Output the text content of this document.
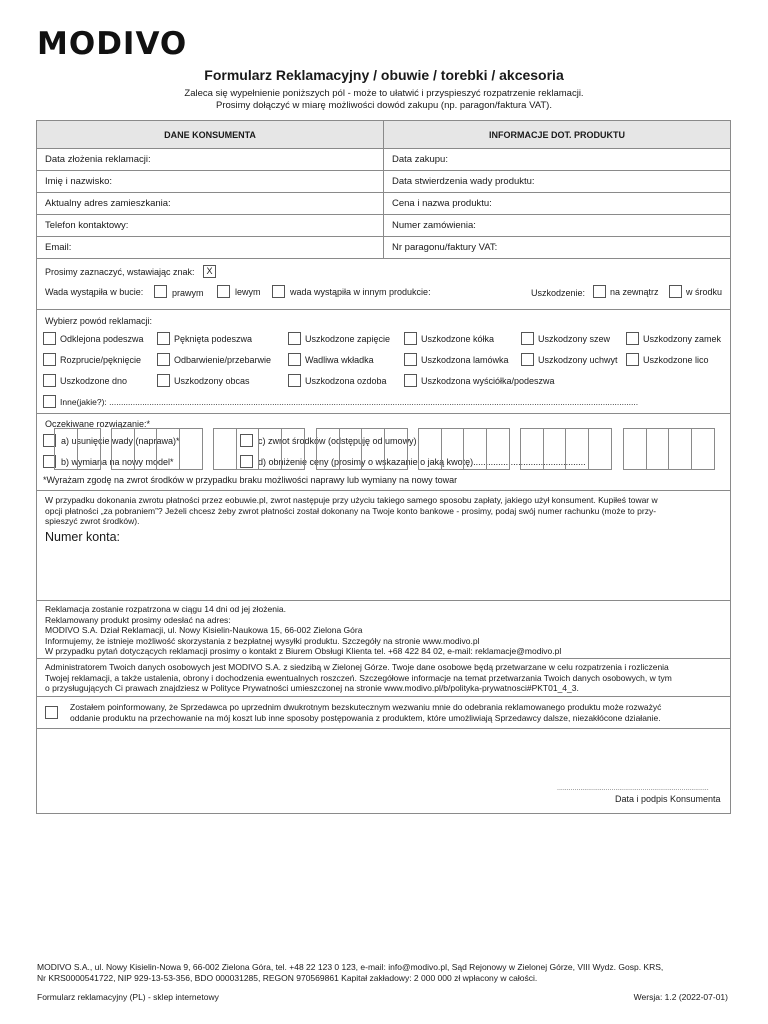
MODIVO
Formularz Reklamacyjny / obuwie / torebki / akcesoria
Zaleca się wypełnienie poniższych pól - może to ułatwić i przyspieszyć rozpatrzenie reklamacji.
Prosimy dołączyć w miarę możliwości dowód zakupu (np. paragon/faktura VAT).
DANE KONSUMENTA	INFORMACJE DOT. PRODUKTU
Data złożenia reklamacji:	Data zakupu:
Imię i nazwisko:	Data stwierdzenia wady produktu:
Aktualny adres zamieszkania:	Cena i nazwa produktu:
Telefon kontaktowy:	Numer zamówienia:
Email:	Nr paragonu/faktury VAT:
Prosimy zaznaczyć, wstawiając znak:	X
Wada wystąpiła w bucie:	prawym	lewym	wada wystąpiła w innym produkcie:	Uszkodzenie:	na zewnątrz	w środku
Wybierz powód reklamacji:
Odklejona podeszwa	Pęknięta podeszwa	Uszkodzone zapięcie	Uszkodzone kółka	Uszkodzony szew	Uszkodzony zamek
Rozprucie/pęknięcie	Odbarwienie/przebarwie	Wadliwa wkładka	Uszkodzona lamówka	Uszkodzony uchwyt	Uszkodzone lico
Uszkodzone dno	Uszkodzony obcas	Uszkodzona ozdoba	Uszkodzona wyściółka/podeszwa
Inne(jakie?): ................................................................................................................................................................................................................................
Oczekiwane rozwiązanie:*
a) usunięcie wady (naprawa)*	c) zwrot środków (odstępuję od umowy)
b) wymiana na nowy model*	d) obniżenie ceny (prosimy o wskazanie o jaką kwotę).............................................
*Wyrażam zgodę na zwrot środków w przypadku braku możliwości naprawy lub wymiany na nowy towar
W przypadku dokonania zwrotu płatności przez eobuwie.pl, zwrot następuje przy użyciu takiego samego sposobu zapłaty, jakiego użył konsument. Kupiłeś towar w
opcji płatności „za pobraniem”? Jeżeli chcesz żeby zwrot płatności został dokonany na Twoje konto bankowe - prosimy, podaj swój numer rachunku (może to przy-
spieszyć zwrot środków).
Numer konta:
Reklamacja zostanie rozpatrzona w ciągu 14 dni od jej złożenia.
Reklamowany produkt prosimy odesłać na adres:
MODIVO S.A. Dział Reklamacji, ul. Nowy Kisielin-Naukowa 15, 66-002 Zielona Góra
Informujemy, że istnieje możliwość skorzystania z bezpłatnej wysyłki produktu. Szczegóły na stronie www.modivo.pl
W przypadku pytań dotyczących reklamacji prosimy o kontakt z Biurem Obsługi Klienta tel. +68 422 84 02, e-mail: reklamacje@modivo.pl
Administratorem Twoich danych osobowych jest MODIVO S.A. z siedzibą w Zielonej Górze. Twoje dane osobowe będą przetwarzane w celu rozpatrzenia i rozliczenia
Twojej reklamacji, a także ustalenia, obrony i dochodzenia ewentualnych roszczeń. Szczegółowe informacje na temat przetwarzania Twoich danych osobowych, w tym
o przysługujących Ci prawach znajdziesz w Polityce Prywatności umieszczonej na stronie www.modivo.pl/b/polityka-prywatnosci#PKT01_4_3.
Zostałem poinformowany, że Sprzedawca po uprzednim dwukrotnym bezskutecznym wezwaniu mnie do odebrania reklamowanego produktu może rozważyć
oddanie produktu na przechowanie na mój koszt lub inne sposoby postępowania z produktem, które umożliwiają Sprzedawcy dalsze, niezakłócone działanie.
..............................................................................
Data i podpis Konsumenta
MODIVO S.A., ul. Nowy Kisielin-Nowa 9, 66-002 Zielona Góra, tel. +48 22 123 0 123, e-mail: info@modivo.pl, Sąd Rejonowy w Zielonej Górze, VIII Wydz. Gosp. KRS,
Nr KRS0000541722, NIP 929-13-53-356, BDO 000031285, REGON 970569861 Kapitał zakładowy: 2 000 000 zł wpłacony w całości.
Formularz reklamacyjny (PL) - sklep internetowy	Wersja: 1.2 (2022-07-01)
